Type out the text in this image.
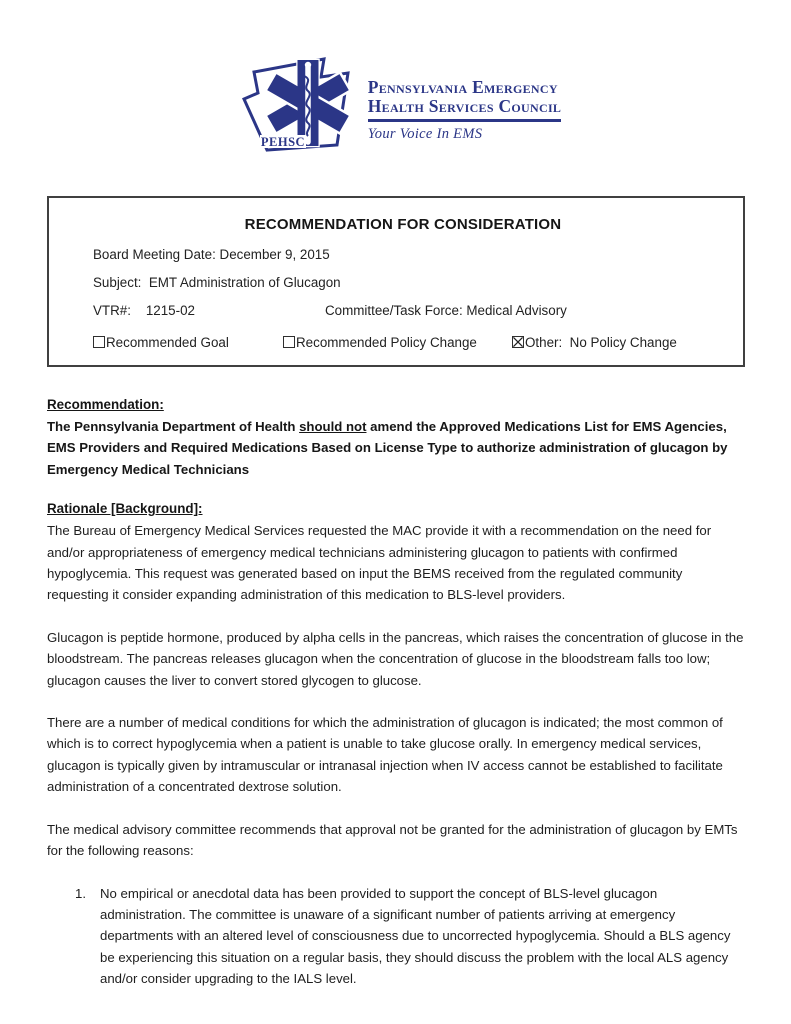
PEHSC
Pennsylvania Emergency
Health Services Council
Your Voice In EMS
RECOMMENDATION FOR CONSIDERATION

Board Meeting Date: December 9, 2015

Subject:  EMT Administration of Glucagon

VTR#:    1215-02	Committee/Task Force: Medical Advisory

Recommended Goal	Recommended Policy Change	Other:  No Policy Change
Recommendation:

The Pennsylvania Department of Health should not amend the Approved Medications List for EMS Agencies, EMS Providers and Required Medications Based on License Type to authorize administration of glucagon by Emergency Medical Technicians

Rationale [Background]:

The Bureau of Emergency Medical Services requested the MAC provide it with a recommendation on the need for and/or appropriateness of emergency medical technicians administering glucagon to patients with confirmed hypoglycemia. This request was generated based on input the BEMS received from the regulated community requesting it consider expanding administration of this medication to BLS-level providers.

Glucagon is peptide hormone, produced by alpha cells in the pancreas, which raises the concentration of glucose in the bloodstream. The pancreas releases glucagon when the concentration of glucose in the bloodstream falls too low; glucagon causes the liver to convert stored glycogen to glucose.

There are a number of medical conditions for which the administration of glucagon is indicated; the most common of which is to correct hypoglycemia when a patient is unable to take glucose orally. In emergency medical services, glucagon is typically given by intramuscular or intranasal injection when IV access cannot be established to facilitate administration of a concentrated dextrose solution.

The medical advisory committee recommends that approval not be granted for the administration of glucagon by EMTs for the following reasons:

1.	No empirical or anecdotal data has been provided to support the concept of BLS-level glucagon administration. The committee is unaware of a significant number of patients arriving at emergency departments with an altered level of consciousness due to uncorrected hypoglycemia. Should a BLS agency be experiencing this situation on a regular basis, they should discuss the problem with the local ALS agency and/or consider upgrading to the IALS level.
